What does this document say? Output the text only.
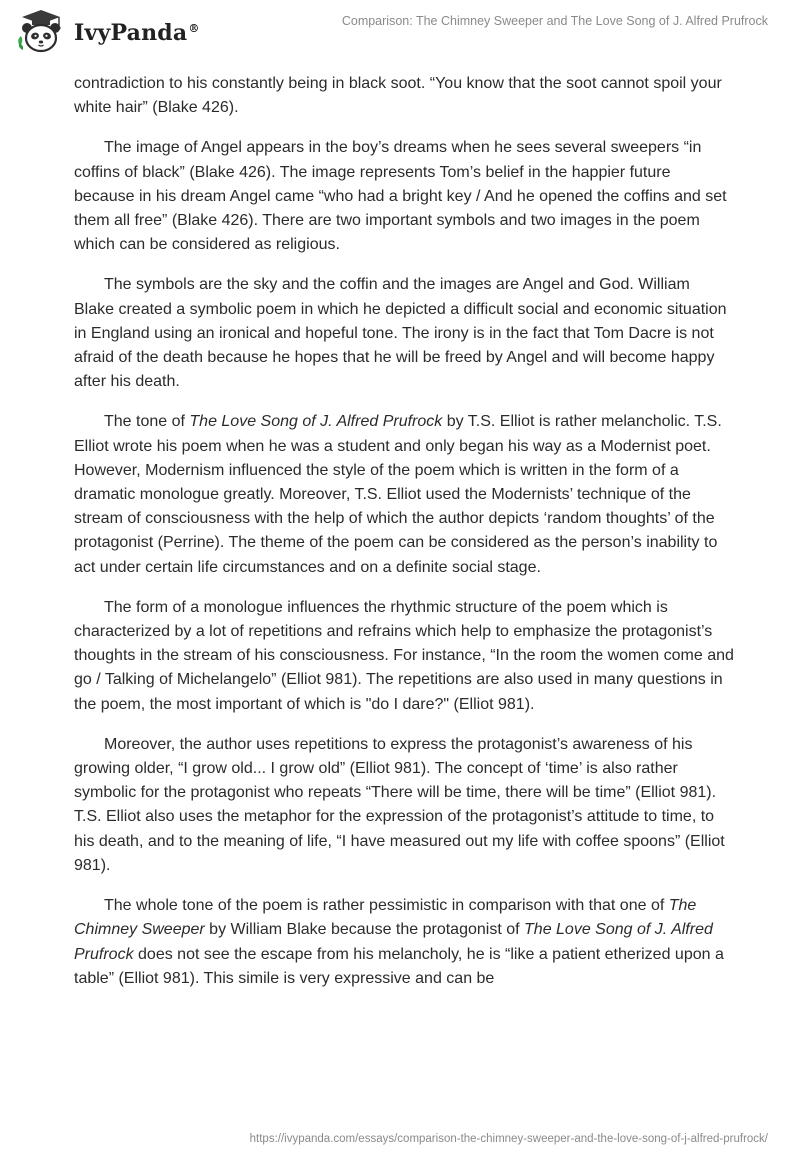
IvyPanda®
Comparison: The Chimney Sweeper and The Love Song of J. Alfred Prufrock

contradiction to his constantly being in black soot. “You know that the soot cannot spoil your white hair” (Blake 426).

The image of Angel appears in the boy’s dreams when he sees several sweepers “in coffins of black” (Blake 426). The image represents Tom’s belief in the happier future because in his dream Angel came “who had a bright key / And he opened the coffins and set them all free” (Blake 426). There are two important symbols and two images in the poem which can be considered as religious.

The symbols are the sky and the coffin and the images are Angel and God. William Blake created a symbolic poem in which he depicted a difficult social and economic situation in England using an ironical and hopeful tone. The irony is in the fact that Tom Dacre is not afraid of the death because he hopes that he will be freed by Angel and will become happy after his death.

The tone of The Love Song of J. Alfred Prufrock by T.S. Elliot is rather melancholic. T.S. Elliot wrote his poem when he was a student and only began his way as a Modernist poet. However, Modernism influenced the style of the poem which is written in the form of a dramatic monologue greatly. Moreover, T.S. Elliot used the Modernists’ technique of the stream of consciousness with the help of which the author depicts ‘random thoughts’ of the protagonist (Perrine). The theme of the poem can be considered as the person’s inability to act under certain life circumstances and on a definite social stage.

The form of a monologue influences the rhythmic structure of the poem which is characterized by a lot of repetitions and refrains which help to emphasize the protagonist’s thoughts in the stream of his consciousness. For instance, “In the room the women come and go / Talking of Michelangelo” (Elliot 981). The repetitions are also used in many questions in the poem, the most important of which is "do I dare?" (Elliot 981).

Moreover, the author uses repetitions to express the protagonist’s awareness of his growing older, “I grow old... I grow old” (Elliot 981). The concept of ‘time’ is also rather symbolic for the protagonist who repeats “There will be time, there will be time” (Elliot 981). T.S. Elliot also uses the metaphor for the expression of the protagonist’s attitude to time, to his death, and to the meaning of life, “I have measured out my life with coffee spoons” (Elliot 981).

The whole tone of the poem is rather pessimistic in comparison with that one of The Chimney Sweeper by William Blake because the protagonist of The Love Song of J. Alfred Prufrock does not see the escape from his melancholy, he is “like a patient etherized upon a table” (Elliot 981). This simile is very expressive and can be

https://ivypanda.com/essays/comparison-the-chimney-sweeper-and-the-love-song-of-j-alfred-prufrock/
